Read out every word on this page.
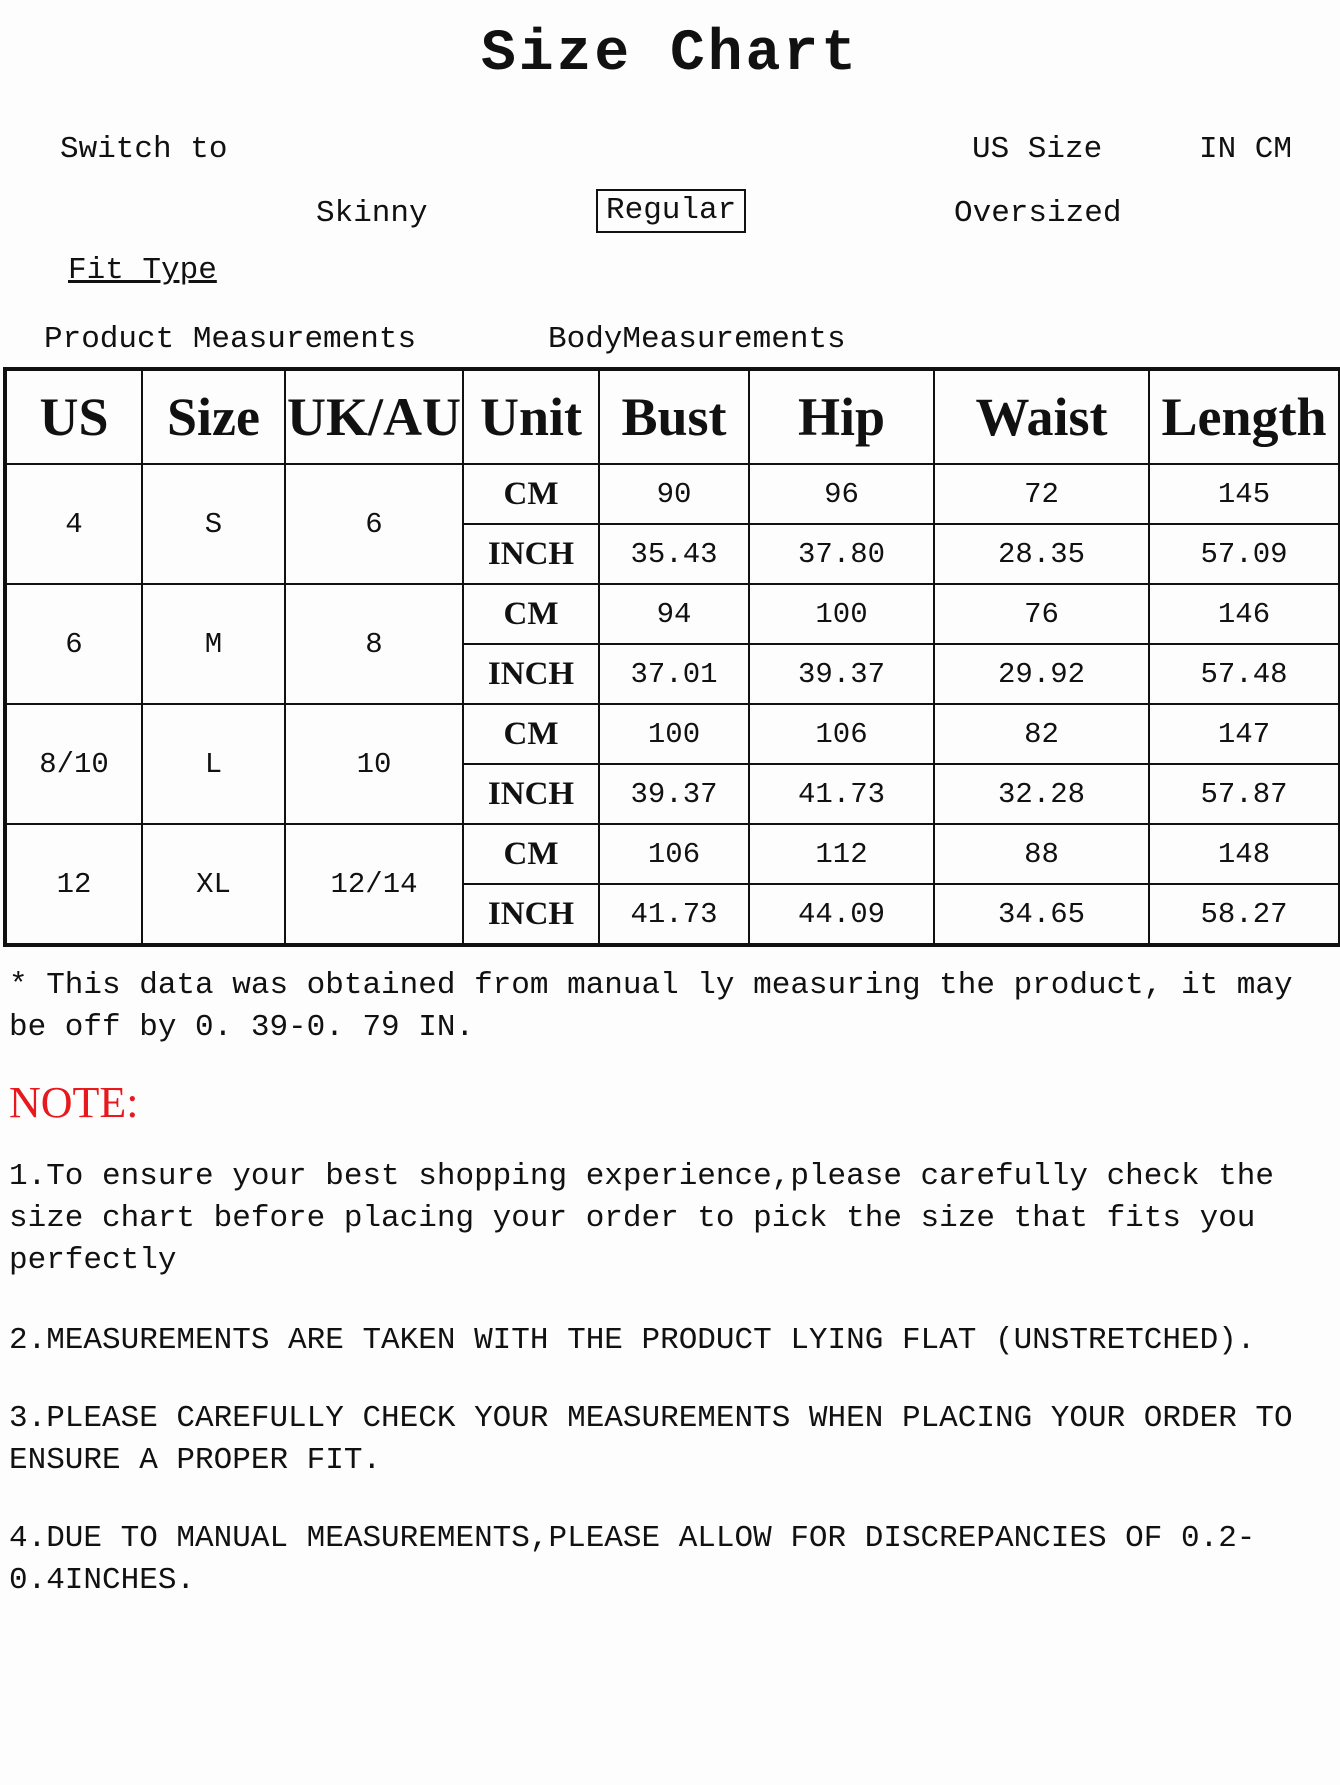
Size Chart
Switch to	US Size	IN CM
Skinny	Regular	Oversized
Fit Type
Product Measurements	BodyMeasurements
US	Size	UK/AU	Unit	Bust	Hip	Waist	Length
4	S	6	CM	90	96	72	145
			INCH	35.43	37.80	28.35	57.09
6	M	8	CM	94	100	76	146
			INCH	37.01	39.37	29.92	57.48
8/10	L	10	CM	100	106	82	147
			INCH	39.37	41.73	32.28	57.87
12	XL	12/14	CM	106	112	88	148
			INCH	41.73	44.09	34.65	58.27
* This data was obtained from manual ly measuring the product, it may be off by 0. 39-0. 79 IN.
NOTE:
1.To ensure your best shopping experience,please carefully check the size chart before placing your order to pick the size that fits you perfectly
2.MEASUREMENTS ARE TAKEN WITH THE PRODUCT LYING FLAT (UNSTRETCHED).
3.PLEASE CAREFULLY CHECK YOUR MEASUREMENTS WHEN PLACING YOUR ORDER TO ENSURE A PROPER FIT.
4.DUE TO MANUAL MEASUREMENTS,PLEASE ALLOW FOR DISCREPANCIES OF 0.2-0.4INCHES.
